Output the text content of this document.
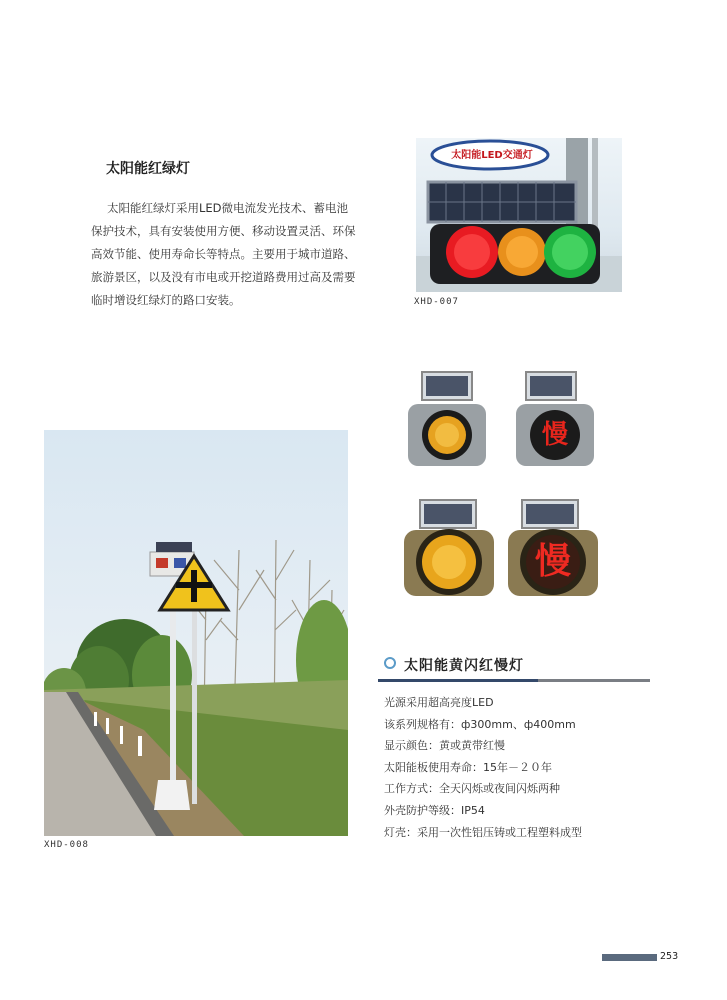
太阳能红绿灯
太阳能红绿灯采用LED微电流发光技术、蓄电池
保护技术，具有安装使用方便、移动设置灵活、环保
高效节能、使用寿命长等特点。主要用于城市道路、
旅游景区，以及没有市电或开挖道路费用过高及需要
临时增设红绿灯的路口安装。
太阳能LED交通灯
XHD-007
慢
慢
XHD-008
太阳能黄闪红慢灯
光源采用超高亮度LED
该系列规格有：ф300mm、ф400mm
显示颜色：黄或黄带红慢
太阳能板使用寿命：15年－２０年
工作方式：全天闪烁或夜间闪烁两种
外壳防护等级：IP54
灯壳：采用一次性铝压铸或工程塑料成型
253
